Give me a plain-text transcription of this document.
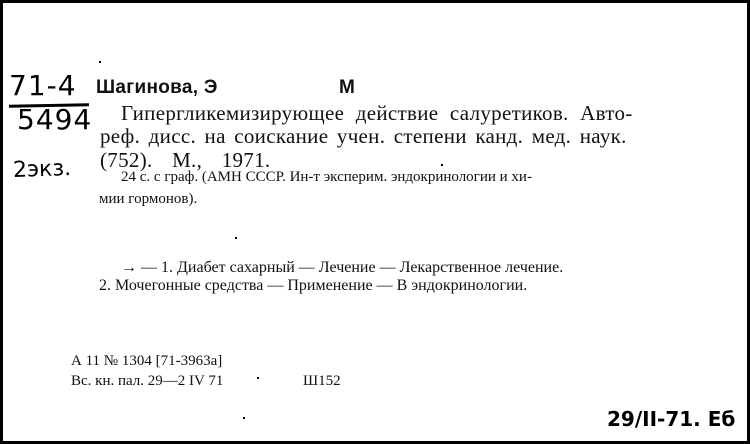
71-4
5494
2экз.
Шагинова, Э	М
Гипергликемизирующее действие салуретиков. Авто-
реф. дисс. на соискание учен. степени канд. мед. наук.
(752). М., 1971.
24 с. с граф. (АМН СССР. Ин-т эксперим. эндокринологии и хи-
мии гормонов).
→ — 1. Диабет сахарный — Лечение — Лекарственное лечение.
2. Мочегонные средства — Применение — В эндокринологии.
А 11 № 1304 [71-3963а]
Вс. кн. пал. 29—2 IV 71	Ш152
29/II-71. Еб
